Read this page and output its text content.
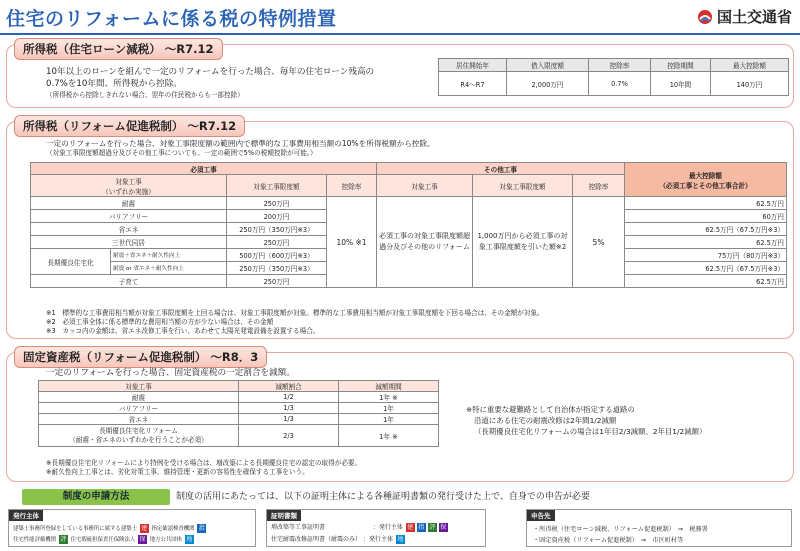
住宅のリフォームに係る税の特例措置	国土交通省
所得税（住宅ローン減税） ～R7.12
10年以上のローンを組んで一定のリフォームを行った場合、毎年の住宅ローン残高の
0.7%を10年間、所得税から控除。
（所得税から控除しきれない場合、翌年の住民税からも一部控除）
居住開始年	借入限度額	控除率	控除期間	最大控除額
R4～R7	2,000万円	0.7%	10年間	140万円
所得税（リフォーム促進税制） ～R7.12
一定のリフォームを行った場合、対象工事限度額の範囲内で標準的な工事費用相当額の10%を所得税額から控除。
（対象工事限度額超過分及びその他工事についても、一定の範囲で5%の税額控除が可能。）
必須工事				その他工事			最大控除額
（必須工事とその他工事合計）
対象工事
（いずれか実施）		対象工事限度額	控除率	対象工事	対象工事限度額	控除率	
耐震		250万円	10% ※1	必須工事の対象工事限度額超過分及びその他のリフォーム	1,000万円から必須工事の対象工事限度額を引いた額※2	5%	62.5万円
バリアフリー		200万円					60万円
省エネ		250万円（350万円※3）					62.5万円（67.5万円※3）
三世代同居		250万円					62.5万円
長期優良住宅化	耐震＋省エネ＋耐久性向上	500万円（600万円※3）					75万円（80万円※3）
	耐震 or 省エネ＋耐久性向上	250万円（350万円※3）					62.5万円（67.5万円※3）
子育て		250万円					62.5万円
※1　標準的な工事費用相当額が対象工事限度額を上回る場合は、対象工事限度額が対象。標準的な工事費用相当額が対象工事限度額を下回る場合は、その金額が対象。
※2　必須工事全体に係る標準的な費用相当額の方が少ない場合は、その金額
※3　カッコ内の金額は、省エネ改修工事を行い、あわせて太陽光発電設備を設置する場合。
固定資産税（リフォーム促進税制） ～R8．3
一定のリフォームを行った場合、固定資産税の一定割合を減額。
対象工事	減額割合	減額期間
耐震	1/2	1年 ※
バリアフリー	1/3	1年
省エネ	1/3	1年
長期優良住宅化リフォーム
（耐震・省エネのいずれかを行うことが必須）	2/3	1年 ※
※特に重要な避難路として自治体が指定する道路の
沿道にある住宅の耐震改修は2年間1/2減額
（長期優良住宅化リフォームの場合は1年目2/3減額、2年目1/2減額）
※長期優良住宅化リフォームにより特例を受ける場合は、増改築による長期優良住宅の認定の取得が必要。
※耐久性向上工事とは、劣化対策工事、維持管理・更新の容易性を確保する工事をいう。
制度の申請方法	制度の活用にあたっては、以下の証明主体による各種証明書類の発行受けた上で、自身での申告が必要
発行主体
建築士事務所登録をしている事務所に属する建築士 建 指定確認検査機関 指
住宅性能評価機関 評 住宅瑕疵担保責任保険法人 保 地方公共団体 地
証明書類
増改築等工事証明書	：発行主体 建 指 評 保
住宅耐震改修証明書（耐震のみ） ：発行主体 地
申告先
・所得税（住宅ローン減税、リフォーム促進税制）　⇒　税務署
・固定資産税（リフォーム促進税制）　⇒　市区町村等
